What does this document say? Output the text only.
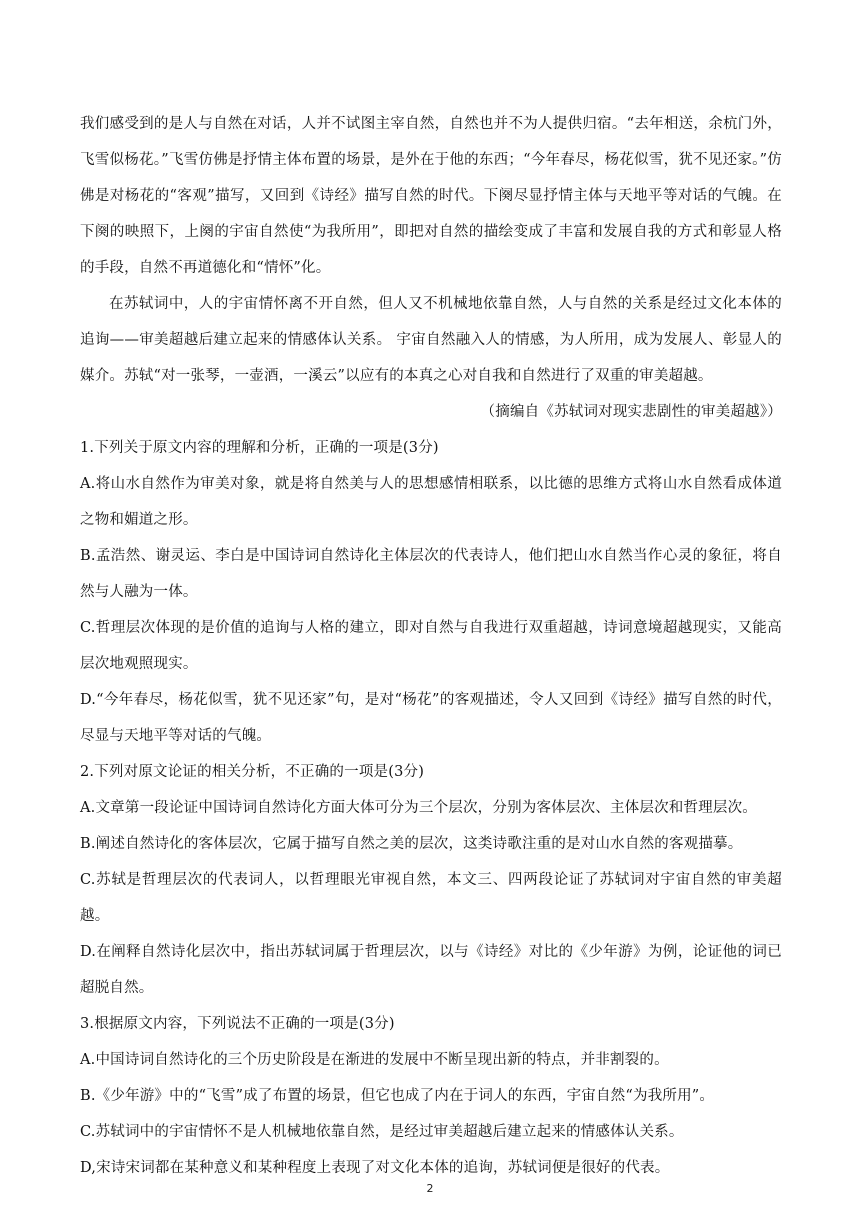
我们感受到的是人与自然在对话，人并不试图主宰自然，自然也并不为人提供归宿。“去年相送，余杭门外，飞雪似杨花。”飞雪仿佛是抒情主体布置的场景，是外在于他的东西；“今年春尽，杨花似雪，犹不见还家。”仿佛是对杨花的“客观”描写，又回到《诗经》描写自然的时代。下阕尽显抒情主体与天地平等对话的气魄。在下阕的映照下，上阕的宇宙自然使“为我所用”，即把对自然的描绘变成了丰富和发展自我的方式和彰显人格的手段，自然不再道德化和“情怀”化。

在苏轼词中，人的宇宙情怀离不开自然，但人又不机械地依靠自然，人与自然的关系是经过文化本体的追询——审美超越后建立起来的情感体认关系。 宇宙自然融入人的情感，为人所用，成为发展人、彰显人的媒介。苏轼“对一张琴，一壶酒，一溪云”以应有的本真之心对自我和自然进行了双重的审美超越。

（摘编自《苏轼词对现实悲剧性的审美超越》）

1.下列关于原文内容的理解和分析，正确的一项是(3分)

A.将山水自然作为审美对象，就是将自然美与人的思想感情相联系，以比德的思维方式将山水自然看成体道之物和媚道之形。

B.孟浩然、谢灵运、李白是中国诗词自然诗化主体层次的代表诗人，他们把山水自然当作心灵的象征，将自然与人融为一体。

C.哲理层次体现的是价值的追询与人格的建立，即对自然与自我进行双重超越，诗词意境超越现实，又能高层次地观照现实。

D.“今年春尽，杨花似雪，犹不见还家”句，是对“杨花”的客观描述，令人又回到《诗经》描写自然的时代，尽显与天地平等对话的气魄。

2.下列对原文论证的相关分析，不正确的一项是(3分)

A.文章第一段论证中国诗词自然诗化方面大体可分为三个层次，分别为客体层次、主体层次和哲理层次。

B.阐述自然诗化的客体层次，它属于描写自然之美的层次，这类诗歌注重的是对山水自然的客观描摹。

C.苏轼是哲理层次的代表词人，以哲理眼光审视自然，本文三、四两段论证了苏轼词对宇宙自然的审美超越。

D.在阐释自然诗化层次中，指出苏轼词属于哲理层次，以与《诗经》对比的《少年游》为例，论证他的词已超脱自然。

3.根据原文内容，下列说法不正确的一项是(3分)

A.中国诗词自然诗化的三个历史阶段是在渐进的发展中不断呈现出新的特点，并非割裂的。

B.《少年游》中的“飞雪”成了布置的场景，但它也成了内在于词人的东西，宇宙自然“为我所用”。

C.苏轼词中的宇宙情怀不是人机械地依靠自然，是经过审美超越后建立起来的情感体认关系。

D,宋诗宋词都在某种意义和某种程度上表现了对文化本体的追询，苏轼词便是很好的代表。

2
